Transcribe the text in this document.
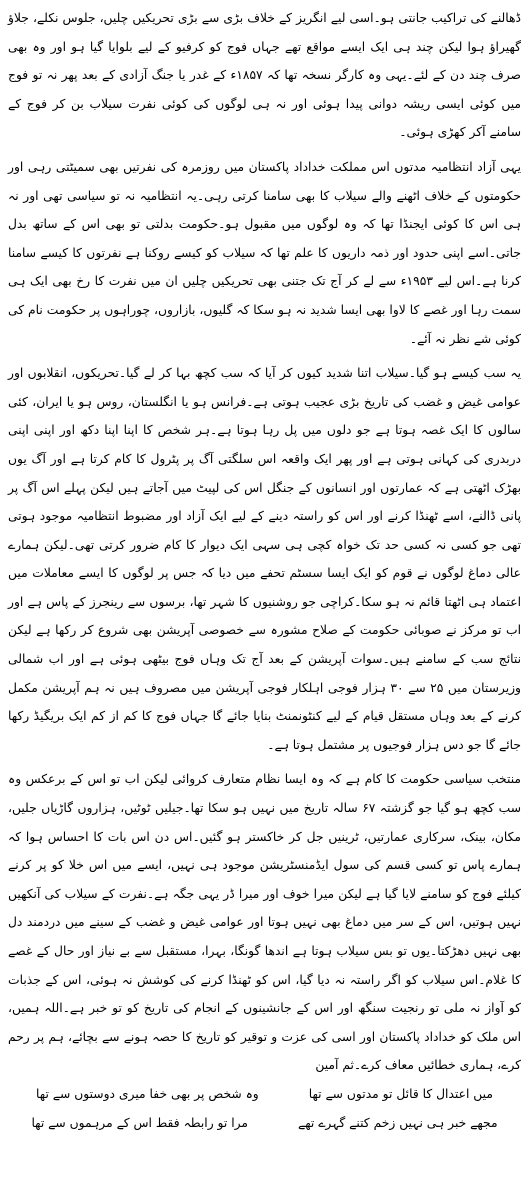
ڈھالنے کی تراکیب جانتی ہو۔اسی لیے انگریز کے خلاف بڑی سے بڑی تحریکیں چلیں، جلوس نکلے، جلاؤ گھیراؤ ہوا لیکن چند ہی ایک ایسے مواقع تھے جہاں فوج کو کرفیو کے لیے بلوایا گیا ہو اور وہ بھی صرف چند دن کے لئے۔یہی وہ کارگر نسخہ تھا کہ ۱۸۵۷ء کے غدر یا جنگ آزادی کے بعد پھر نہ تو فوج میں کوئی ایسی ریشہ دوانی پیدا ہوئی اور نہ ہی لوگوں کی کوئی نفرت سیلاب بن کر فوج کے سامنے آکر کھڑی ہوئی۔

یہی آزاد انتظامیہ مدتوں اس مملکت خداداد پاکستان میں روزمرہ کی نفرتیں بھی سمیٹتی رہی اور حکومتوں کے خلاف اٹھنے والے سیلاب کا بھی سامنا کرتی رہی۔یہ انتظامیہ نہ تو سیاسی تھی اور نہ ہی اس کا کوئی ایجنڈا تھا کہ وہ لوگوں میں مقبول ہو۔حکومت بدلتی تو بھی اس کے ساتھ بدل جاتی۔اسے اپنی حدود اور ذمہ داریوں کا علم تھا کہ سیلاب کو کیسے روکنا ہے نفرتوں کا کیسے سامنا کرنا ہے۔اس لیے ۱۹۵۳ء سے لے کر آج تک جتنی بھی تحریکیں چلیں ان میں نفرت کا رخ بھی ایک ہی سمت رہا اور غصے کا لاوا بھی ایسا شدید نہ ہو سکا کہ گلیوں، بازاروں، چوراہوں پر حکومت نام کی کوئی شے نظر نہ آئے۔

یہ سب کیسے ہو گیا۔سیلاب اتنا شدید کیوں کر آیا کہ سب کچھ بہا کر لے گیا۔تحریکوں، انقلابوں اور عوامی غیض و غضب کی تاریخ بڑی عجیب ہوتی ہے۔فرانس ہو یا انگلستان، روس ہو یا ایران، کئی سالوں کا ایک غصہ ہوتا ہے جو دلوں میں پل رہا ہوتا ہے۔ہر شخص کا اپنا اپنا دکھ اور اپنی اپنی دربدری کی کہانی ہوتی ہے اور پھر ایک واقعہ اس سلگتی آگ پر پٹرول کا کام کرتا ہے اور آگ یوں بھڑک اٹھتی ہے کہ عمارتوں اور انسانوں کے جنگل اس کی لپیٹ میں آجاتے ہیں لیکن پہلے اس آگ پر پانی ڈالنے، اسے ٹھنڈا کرنے اور اس کو راستہ دینے کے لیے ایک آزاد اور مضبوط انتظامیہ موجود ہوتی تھی جو کسی نہ کسی حد تک خواہ کچی ہی سہی ایک دیوار کا کام ضرور کرتی تھی۔لیکن ہمارے عالی دماغ لوگوں نے قوم کو ایک ایسا سسٹم تحفے میں دیا کہ جس پر لوگوں کا ایسے معاملات میں اعتماد ہی اٹھتا قائم نہ ہو سکا۔کراچی جو روشنیوں کا شہر تھا، برسوں سے رینجرز کے پاس ہے اور اب تو مرکز نے صوبائی حکومت کے صلاح مشورہ سے خصوصی آپریشن بھی شروع کر رکھا ہے لیکن نتائج سب کے سامنے ہیں۔سوات آپریشن کے بعد آج تک وہاں فوج بیٹھی ہوئی ہے اور اب شمالی وزیرستان میں ۲۵ سے ۳۰ ہزار فوجی اہلکار فوجی آپریشن میں مصروف ہیں نہ ہم آپریشن مکمل کرنے کے بعد وہاں مستقل قیام کے لیے کنٹونمنٹ بنایا جائے گا جہاں فوج کا کم از کم ایک بریگیڈ رکھا جائے گا جو دس ہزار فوجیوں پر مشتمل ہوتا ہے۔

منتخب سیاسی حکومت کا کام ہے کہ وہ ایسا نظام متعارف کروائی لیکن اب تو اس کے برعکس وہ سب کچھ ہو گیا جو گزشتہ ۶۷ سالہ تاریخ میں نہیں ہو سکا تھا۔جیلیں ٹوٹیں، ہزاروں گاڑیاں جلیں، مکان، بینک، سرکاری عمارتیں، ٹرینیں جل کر خاکستر ہو گئیں۔اس دن اس بات کا احساس ہوا کہ ہمارے پاس تو کسی قسم کی سول ایڈمنسٹریشن موجود ہی نہیں، ایسے میں اس خلا کو پر کرنے کیلئے فوج کو سامنے لایا گیا ہے لیکن میرا خوف اور میرا ڈر یہی جگہ ہے۔نفرت کے سیلاب کی آنکھیں نہیں ہوتیں، اس کے سر میں دماغ بھی نہیں ہوتا اور عوامی غیض و غضب کے سینے میں دردمند دل بھی نہیں دھڑکتا۔یوں تو بس سیلاب ہوتا ہے اندھا گونگا، بہرا، مستقبل سے بے نیاز اور حال کے غصے کا غلام۔اس سیلاب کو اگر راستہ نہ دیا گیا، اس کو ٹھنڈا کرنے کی کوشش نہ ہوئی، اس کے جذبات کو آواز نہ ملی تو رنجیت سنگھ اور اس کے جانشینوں کے انجام کی تاریخ کو تو خبر ہے۔اللہ ہمیں، اس ملک کو خداداد پاکستان اور اسی کی عزت و توقیر کو تاریخ کا حصہ ہونے سے بچائے، ہم پر رحم کرے، ہماری خطائیں معاف کرے۔ثم آمین

میں اعتدال کا قائل تو مدتوں سے تھا
وہ شخص پر بھی خفا میری دوستوں سے تھا
مجھے خبر ہی نہیں زخم کتنے گہرے تھے
مرا تو رابطہ فقط اس کے مرہموں سے تھا
